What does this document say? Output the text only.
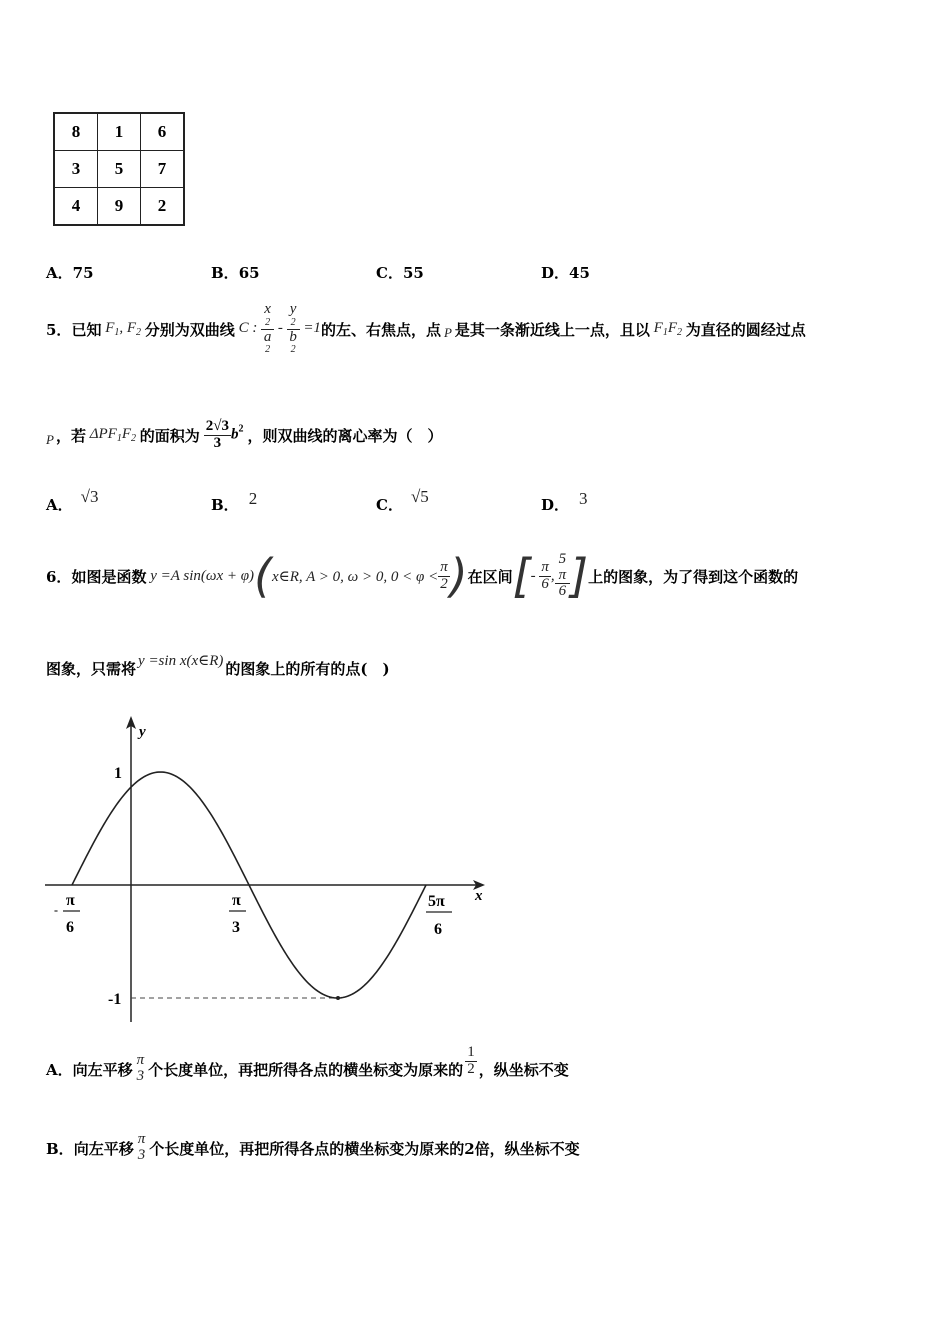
8	1	6
3	5	7
4	9	2
A．75	B．65	C．55	D．45
5． 已知 $F_1$, $F_2$ 分别为双曲线 C : x
2
a
2 - y
2
b
2 =1 的左、右焦点，点 P 是其一条渐近线上一点，且以 $F_1F_2$ 为直径的圆经过点
P ，若 $\Delta PF_1F_2$ 的面积为 $\frac{2√3}{3} b^2$ ，则双曲线的离心率为（　）
A． √3	B． 2	C． √5	D． 3
6． 如图是函数 y =A sin(ωx + φ) ( x∈R, A > 0, ω > 0, $0 < \varphi < \frac{\pi}{2}$ ) 在区间 [ - $\frac{\pi}{6}$ , 5
π
6 ] 上的图象，为了得到这个函数的
图象，只需将 y =sin x(x∈R) 的图象上的所有的点(　)
y
x
1
-1
-
π
6
π
3
5π
6
A． 向左平移
π
3 个长度单位，再把所得各点的横坐标变为原来的 $\frac{1}{2}$ ，纵坐标不变
B． 向左平移
π
3 个长度单位，再把所得各点的横坐标变为原来的2倍，纵坐标不变
